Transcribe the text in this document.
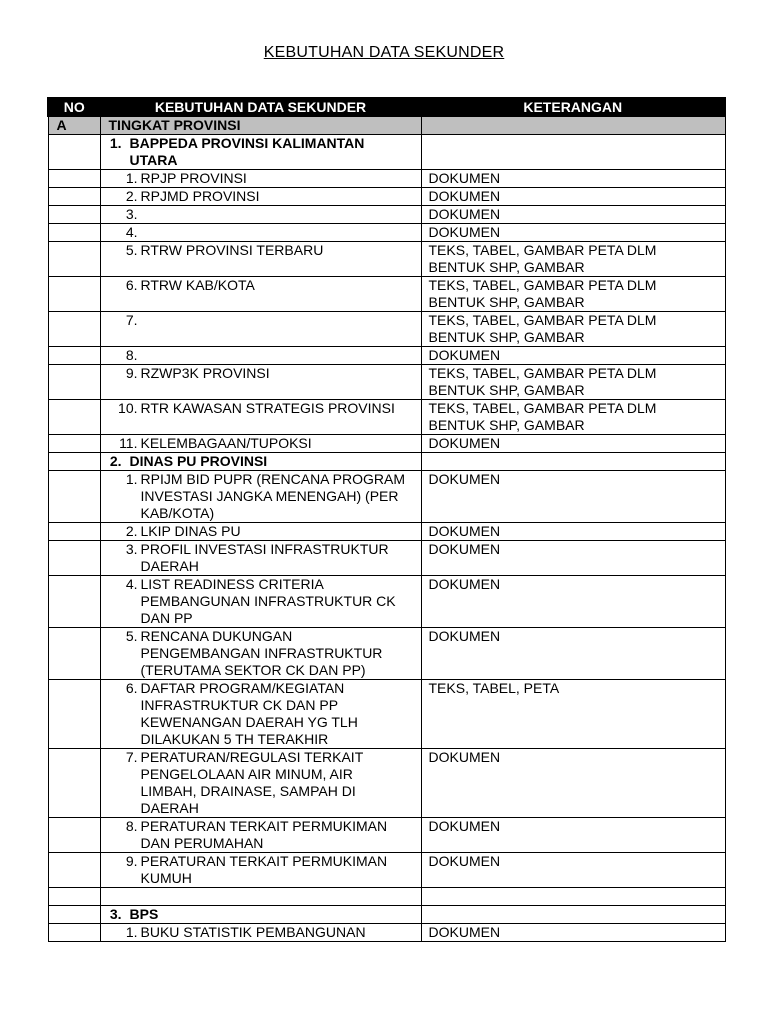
KEBUTUHAN DATA SEKUNDER
NO	KEBUTUHAN DATA SEKUNDER	KETERANGAN
A	TINGKAT PROVINSI	

	1. BAPPEDA PROVINSI KALIMANTAN UTARA	

	1. RPJP PROVINSI	DOKUMEN

	2. RPJMD PROVINSI	DOKUMEN

	3.	DOKUMEN

	4.	DOKUMEN

	5. RTRW PROVINSI TERBARU	TEKS, TABEL, GAMBAR PETA DLM BENTUK SHP, GAMBAR

	6. RTRW KAB/KOTA	TEKS, TABEL, GAMBAR PETA DLM BENTUK SHP, GAMBAR

	7.	TEKS, TABEL, GAMBAR PETA DLM BENTUK SHP, GAMBAR

	8.	DOKUMEN

	9. RZWP3K PROVINSI	TEKS, TABEL, GAMBAR PETA DLM BENTUK SHP, GAMBAR

	10. RTR KAWASAN STRATEGIS PROVINSI	TEKS, TABEL, GAMBAR PETA DLM BENTUK SHP, GAMBAR

	11. KELEMBAGAAN/TUPOKSI	DOKUMEN

	2. DINAS PU PROVINSI	

	1. RPIJM BID PUPR (RENCANA PROGRAM INVESTASI JANGKA MENENGAH) (PER KAB/KOTA)	DOKUMEN

	2. LKIP DINAS PU	DOKUMEN

	3. PROFIL INVESTASI INFRASTRUKTUR DAERAH	DOKUMEN

	4. LIST READINESS CRITERIA PEMBANGUNAN INFRASTRUKTUR CK DAN PP	DOKUMEN

	5. RENCANA DUKUNGAN PENGEMBANGAN INFRASTRUKTUR (TERUTAMA SEKTOR CK DAN PP)	DOKUMEN

	6. DAFTAR PROGRAM/KEGIATAN INFRASTRUKTUR CK DAN PP KEWENANGAN DAERAH YG TLH DILAKUKAN 5 TH TERAKHIR	TEKS, TABEL, PETA

	7. PERATURAN/REGULASI TERKAIT PENGELOLAAN AIR MINUM, AIR LIMBAH, DRAINASE, SAMPAH DI DAERAH	DOKUMEN

	8. PERATURAN TERKAIT PERMUKIMAN DAN PERUMAHAN	DOKUMEN

	9. PERATURAN TERKAIT PERMUKIMAN KUMUH	DOKUMEN

	3. BPS	

	1. BUKU STATISTIK PEMBANGUNAN	DOKUMEN
